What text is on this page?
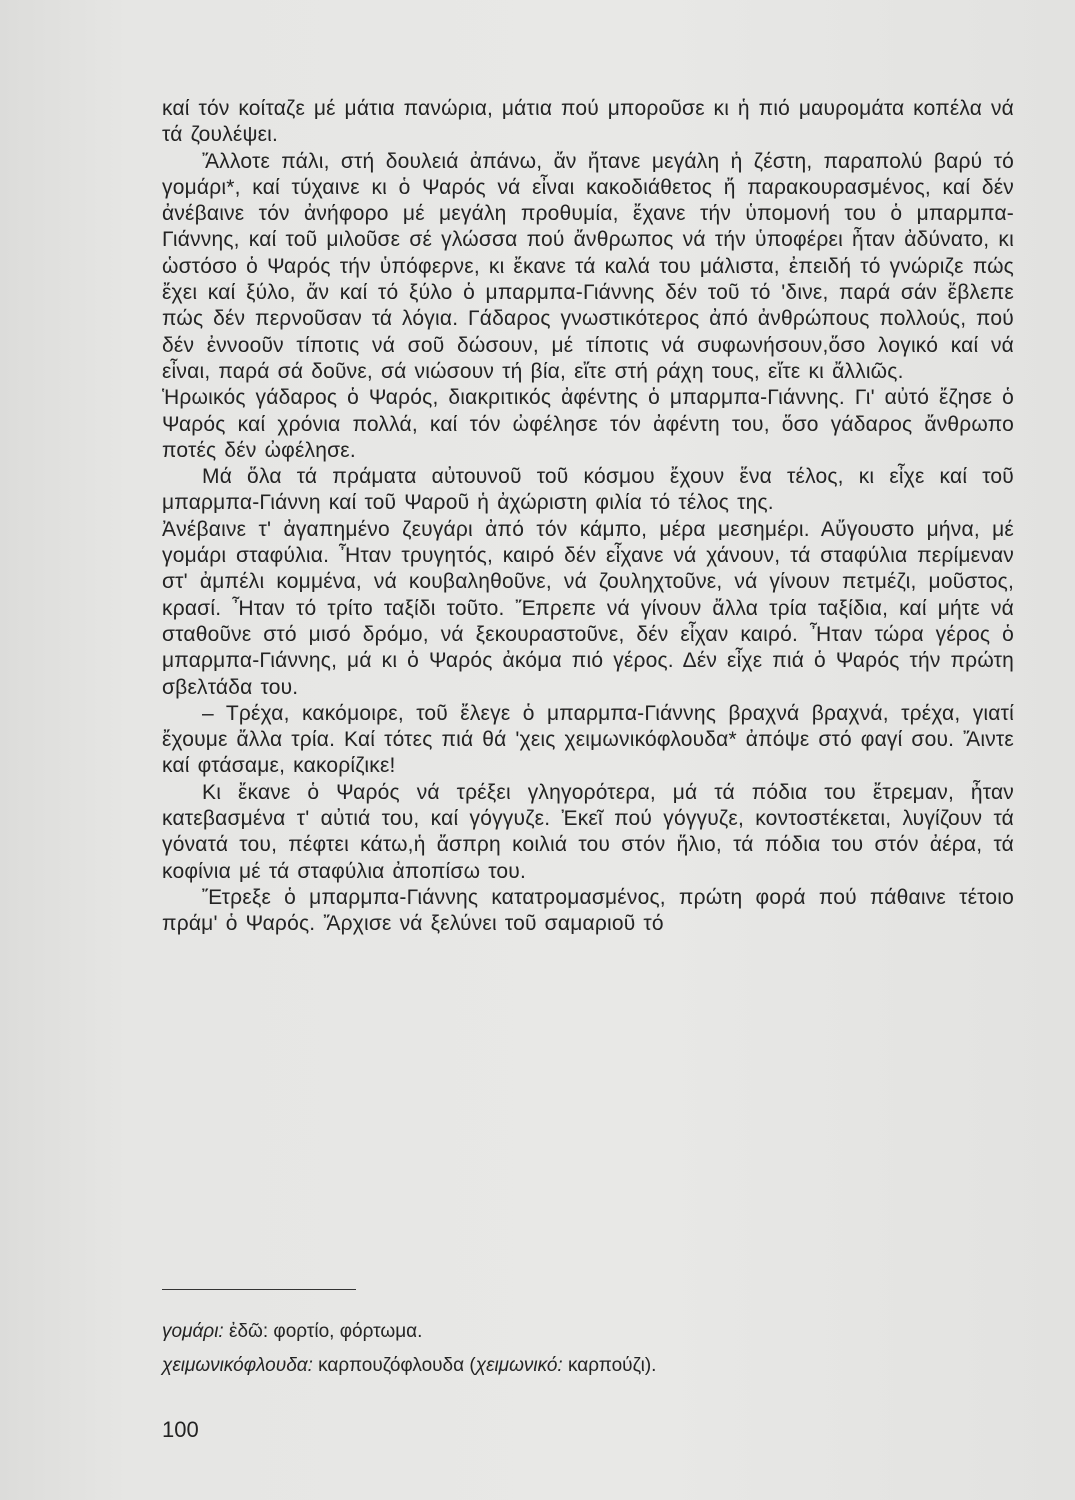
καί τόν κοίταζε μέ μάτια πανώρια, μάτια πού μποροῦσε κι ἡ πιό μαυρομάτα κοπέλα νά τά ζουλέψει.

Ἄλλοτε πάλι, στή δουλειά ἀπάνω, ἄν ἤτανε μεγάλη ἡ ζέστη, παραπολύ βαρύ τό γομάρι*, καί τύχαινε κι ὁ Ψαρός νά εἶναι κακοδιάθετος ἤ παρακουρασμένος, καί δέν ἀνέβαινε τόν ἀνήφορο μέ μεγάλη προθυμία, ἔχανε τήν ὑπομονή του ὁ μπαρμπα-Γιάννης, καί τοῦ μιλοῦσε σέ γλώσσα πού ἄνθρωπος νά τήν ὑποφέρει ἦταν ἀδύνατο, κι ὡστόσο ὁ Ψαρός τήν ὑπόφερνε, κι ἔκανε τά καλά του μάλιστα, ἐπειδή τό γνώριζε πώς ἔχει καί ξύλο, ἄν καί τό ξύλο ὁ μπαρμπα-Γιάννης δέν τοῦ τό 'δινε, παρά σάν ἔβλεπε πώς δέν περνοῦσαν τά λόγια. Γάδαρος γνωστικότερος ἀπό ἀνθρώπους πολλούς, πού δέν ἐννοοῦν τίποτις νά σοῦ δώσουν, μέ τίποτις νά συφωνήσουν,ὅσο λογικό καί νά εἶναι, παρά σά δοῦνε, σά νιώσουν τή βία, εἴτε στή ράχη τους, εἴτε κι ἄλλιῶς.

Ἡρωικός γάδαρος ὁ Ψαρός, διακριτικός ἀφέντης ὁ μπαρμπα-Γιάννης. Γι' αὐτό ἔζησε ὁ Ψαρός καί χρόνια πολλά, καί τόν ὠφέλησε τόν ἀφέντη του, ὅσο γάδαρος ἄνθρωπο ποτές δέν ὠφέλησε.

Μά ὅλα τά πράματα αὐτουνοῦ τοῦ κόσμου ἔχουν ἕνα τέλος, κι εἶχε καί τοῦ μπαρμπα-Γιάννη καί τοῦ Ψαροῦ ἡ ἀχώριστη φιλία τό τέλος της.

Ἀνέβαινε τ' ἀγαπημένο ζευγάρι ἀπό τόν κάμπο, μέρα μεσημέρι. Αὔγουστο μήνα, μέ γομάρι σταφύλια. Ἦταν τρυγητός, καιρό δέν εἶχανε νά χάνουν, τά σταφύλια περίμεναν στ' ἀμπέλι κομμένα, νά κουβαληθοῦνε, νά ζουληχτοῦνε, νά γίνουν πετμέζι, μοῦστος, κρασί. Ἦταν τό τρίτο ταξίδι τοῦτο. Ἔπρεπε νά γίνουν ἄλλα τρία ταξίδια, καί μήτε νά σταθοῦνε στό μισό δρόμο, νά ξεκουραστοῦνε, δέν εἶχαν καιρό. Ἦταν τώρα γέρος ὁ μπαρμπα-Γιάννης, μά κι ὁ Ψαρός ἀκόμα πιό γέρος. Δέν εἶχε πιά ὁ Ψαρός τήν πρώτη σβελτάδα του.

– Τρέχα, κακόμοιρε, τοῦ ἔλεγε ὁ μπαρμπα-Γιάννης βραχνά βραχνά, τρέχα, γιατί ἔχουμε ἄλλα τρία. Καί τότες πιά θά 'χεις χειμωνικόφλουδα* ἀπόψε στό φαγί σου. Ἄιντε καί φτάσαμε, κακορίζικε!

Κι ἔκανε ὁ Ψαρός νά τρέξει γληγορότερα, μά τά πόδια του ἔτρεμαν, ἦταν κατεβασμένα τ' αὐτιά του, καί γόγγυζε. Ἐκεῖ πού γόγγυζε, κοντοστέκεται, λυγίζουν τά γόνατά του, πέφτει κάτω,ἡ ἄσπρη κοιλιά του στόν ἥλιο, τά πόδια του στόν ἀέρα, τά κοφίνια μέ τά σταφύλια ἀποπίσω του.

Ἔτρεξε ὁ μπαρμπα-Γιάννης κατατρομασμένος, πρώτη φορά πού πάθαινε τέτοιο πράμ' ὁ Ψαρός. Ἄρχισε νά ξελύνει τοῦ σαμαριοῦ τό

γομάρι: ἐδῶ: φορτίο, φόρτωμα.

χειμωνικόφλουδα: καρπουζόφλουδα (χειμωνικό: καρπούζι).

100
